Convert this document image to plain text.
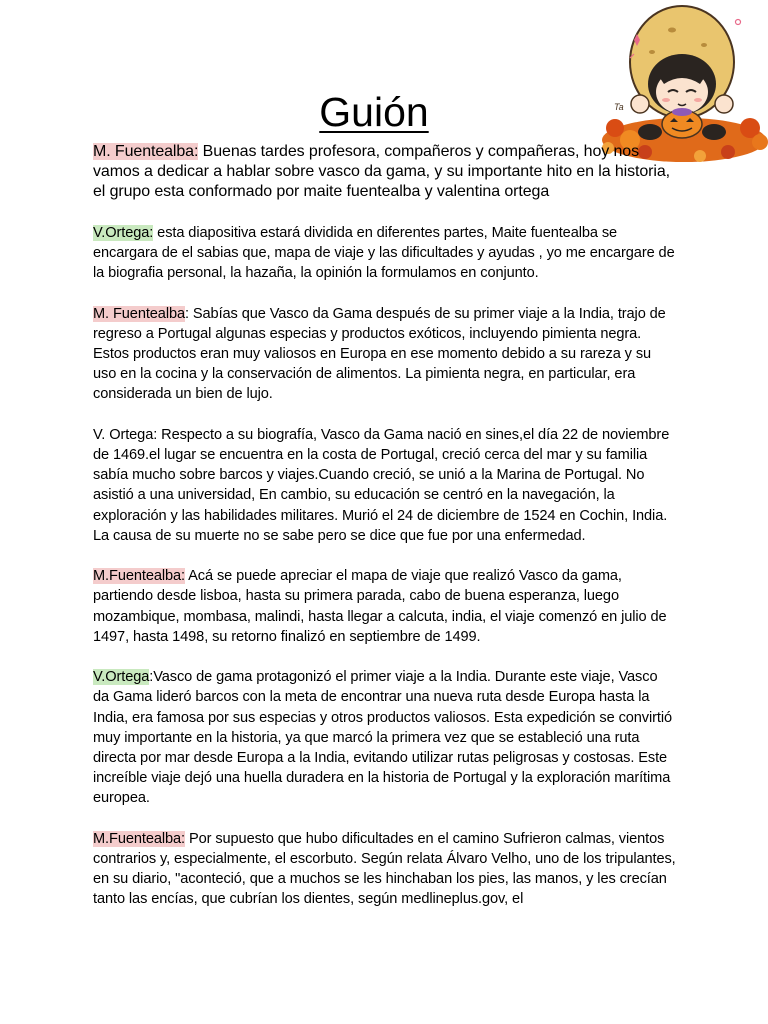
Ta
Guión

M. Fuentealba: Buenas tardes profesora, compañeros y compañeras, hoy nos vamos a dedicar a hablar sobre vasco da gama, y su importante hito en la historia, el grupo esta conformado por maite fuentealba y valentina ortega

V.Ortega: esta diapositiva estará dividida en diferentes partes, Maite fuentealba se encargara de el sabias que, mapa de viaje y las dificultades y ayudas , yo me encargare de la biografia personal, la hazaña, la opinión la formulamos en conjunto.

M. Fuentealba: Sabías que Vasco da Gama después de su primer viaje a la India, trajo de regreso a Portugal algunas especias y productos exóticos, incluyendo pimienta negra. Estos productos eran muy valiosos en Europa en ese momento debido a su rareza y su uso en la cocina y la conservación de alimentos. La pimienta negra, en particular, era considerada un bien de lujo.

V. Ortega: Respecto a su biografía, Vasco da Gama nació en sines,el día 22 de noviembre de 1469.el lugar se encuentra en la costa de Portugal, creció cerca del mar y su familia sabía mucho sobre barcos y viajes.Cuando creció, se unió a la Marina de Portugal. No asistió a una universidad, En cambio, su educación se centró en la navegación, la exploración y las habilidades militares. Murió el 24 de diciembre de 1524 en Cochin, India. La causa de su muerte no se sabe pero se dice que fue por una enfermedad.

M.Fuentealba: Acá se puede apreciar el mapa de viaje que realizó Vasco da gama, partiendo desde lisboa, hasta su primera parada, cabo de buena esperanza, luego mozambique, mombasa, malindi, hasta llegar a calcuta, india, el viaje comenzó en julio de 1497, hasta 1498, su retorno finalizó en septiembre de 1499.

V.Ortega:Vasco de gama protagonizó el primer viaje a la India. Durante este viaje, Vasco da Gama lideró barcos con la meta de encontrar una nueva ruta desde Europa hasta la India, era famosa por sus especias y otros productos valiosos. Esta expedición se convirtió muy importante en la historia, ya que marcó la primera vez que se estableció una ruta directa por mar desde Europa a la India, evitando utilizar rutas peligrosas y costosas. Este increíble viaje dejó una huella duradera en la historia de Portugal y la exploración marítima europea.

M.Fuentealba: Por supuesto que hubo dificultades en el camino Sufrieron calmas, vientos contrarios y, especialmente, el escorbuto. Según relata Álvaro Velho, uno de los tripulantes, en su diario, "aconteció, que a muchos se les hinchaban los pies, las manos, y les crecían tanto las encías, que cubrían los dientes, según medlineplus.gov, el
